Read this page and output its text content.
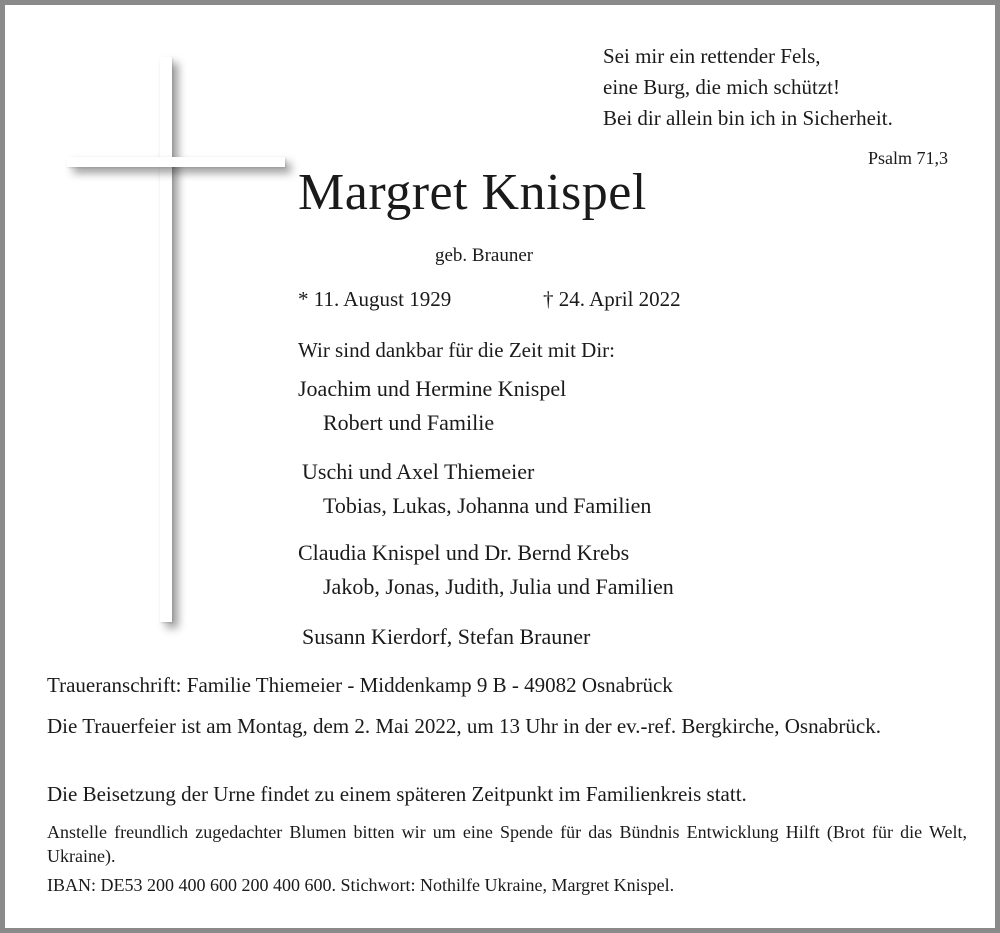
Sei mir ein rettender Fels,
eine Burg, die mich schützt!
Bei dir allein bin ich in Sicherheit.
Psalm 71,3
Margret Knispel
geb. Brauner
* 11. August 1929	† 24. April 2022
Wir sind dankbar für die Zeit mit Dir:
Joachim und Hermine Knispel
Robert und Familie
Uschi und Axel Thiemeier
Tobias, Lukas, Johanna und Familien
Claudia Knispel und Dr. Bernd Krebs
Jakob, Jonas, Judith, Julia und Familien
Susann Kierdorf, Stefan Brauner
Traueranschrift: Familie Thiemeier - Middenkamp 9 B - 49082 Osnabrück
Die Trauerfeier ist am Montag, dem 2. Mai 2022, um 13 Uhr in der ev.-ref. Bergkirche, Osnabrück.
Die Beisetzung der Urne findet zu einem späteren Zeitpunkt im Familienkreis statt.
Anstelle freundlich zugedachter Blumen bitten wir um eine Spende für das Bündnis Entwicklung Hilft (Brot für die Welt, Ukraine).
IBAN: DE53 200 400 600 200 400 600. Stichwort: Nothilfe Ukraine, Margret Knispel.
